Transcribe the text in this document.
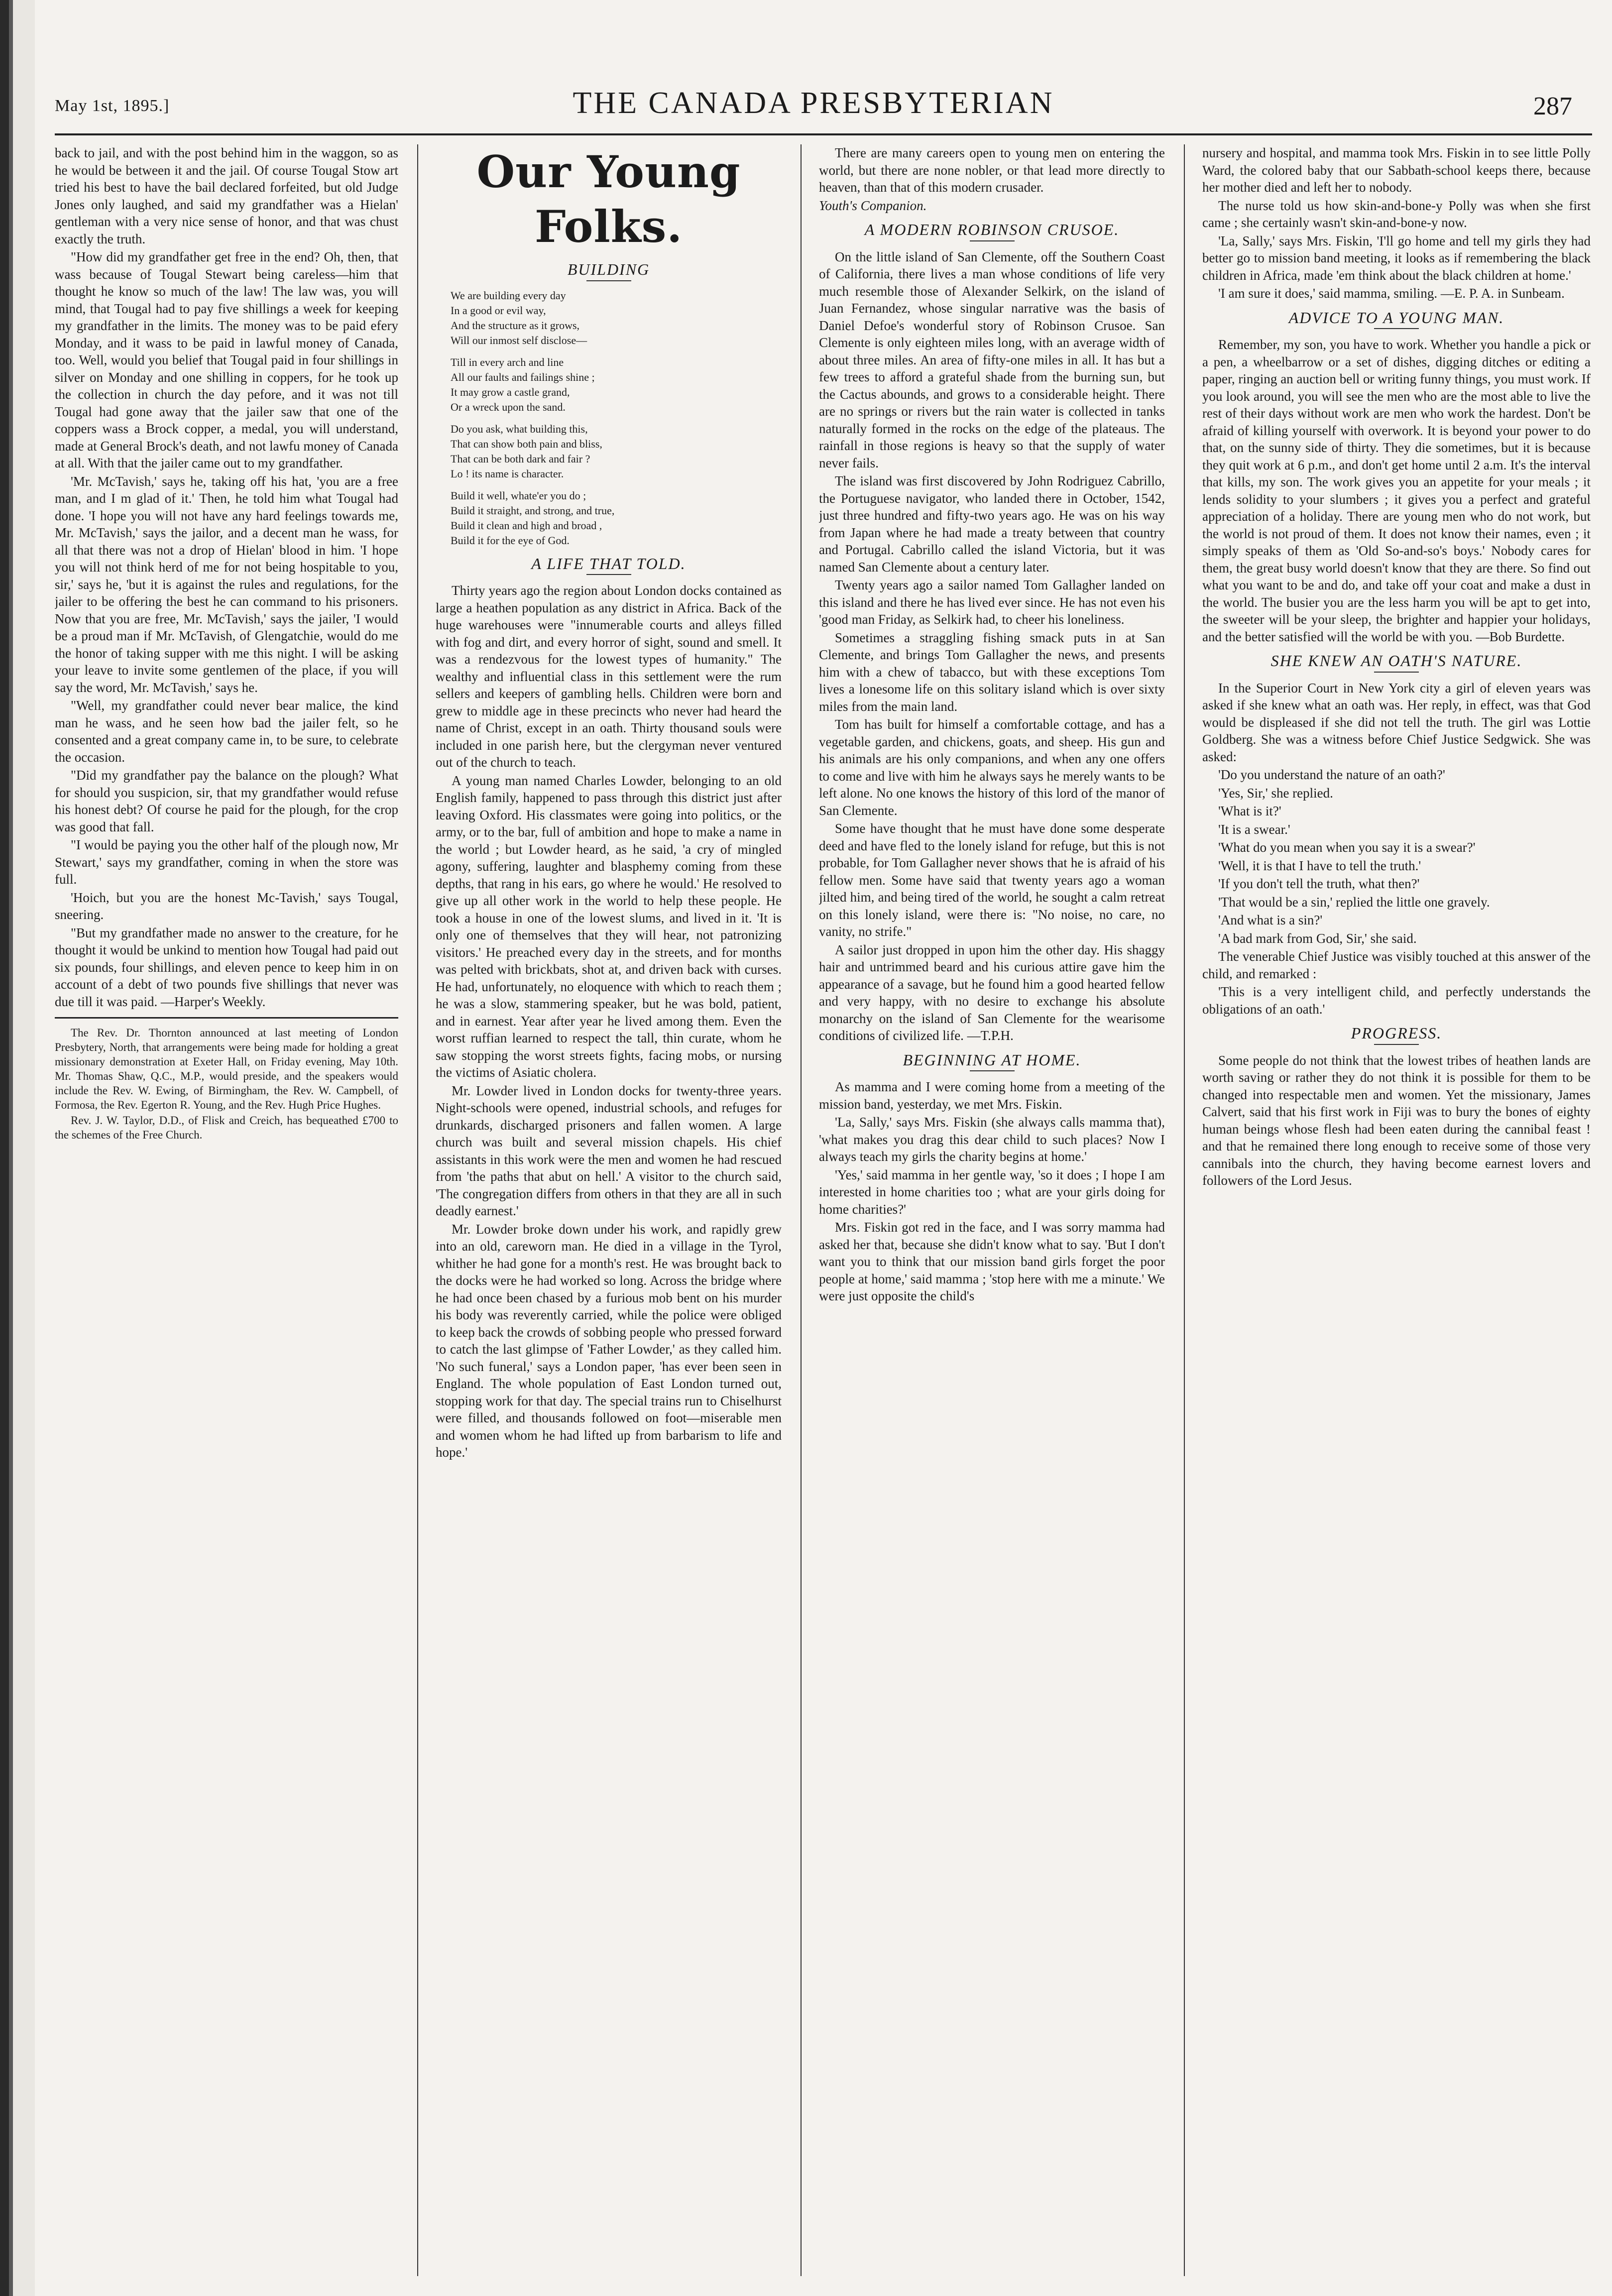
May 1st, 1895.]	THE CANADA PRESBYTERIAN	287

back to jail, and with the post behind him in the waggon, so as he would be between it and the jail. Of course Tougal Stow art tried his best to have the bail declared forfeited, but old Judge Jones only laughed, and said my grandfather was a Hielan' gentleman with a very nice sense of honor, and that was chust exactly the truth.

"How did my grandfather get free in the end? Oh, then, that wass because of Tougal Stewart being careless—him that thought he know so much of the law! The law was, you will mind, that Tougal had to pay five shillings a week for keeping my grandfather in the limits. The money was to be paid efery Monday, and it wass to be paid in lawful money of Canada, too. Well, would you belief that Tougal paid in four shillings in silver on Monday and one shilling in coppers, for he took up the collection in church the day pefore, and it was not till Tougal had gone away that the jailer saw that one of the coppers wass a Brock copper, a medal, you will understand, made at General Brock's death, and not lawfu money of Canada at all. With that the jailer came out to my grandfather.

'Mr. McTavish,' says he, taking off his hat, 'you are a free man, and I m glad of it.' Then, he told him what Tougal had done. 'I hope you will not have any hard feelings towards me, Mr. McTavish,' says the jailor, and a decent man he wass, for all that there was not a drop of Hielan' blood in him. 'I hope you will not think herd of me for not being hospitable to you, sir,' says he, 'but it is against the rules and regulations, for the jailer to be offering the best he can command to his prisoners. Now that you are free, Mr. McTavish,' says the jailer, 'I would be a proud man if Mr. McTavish, of Glengatchie, would do me the honor of taking supper with me this night. I will be asking your leave to invite some gentlemen of the place, if you will say the word, Mr. McTavish,' says he.

"Well, my grandfather could never bear malice, the kind man he wass, and he seen how bad the jailer felt, so he consented and a great company came in, to be sure, to celebrate the occasion.

"Did my grandfather pay the balance on the plough? What for should you suspicion, sir, that my grandfather would refuse his honest debt? Of course he paid for the plough, for the crop was good that fall.

"I would be paying you the other half of the plough now, Mr Stewart,' says my grandfather, coming in when the store was full.

'Hoich, but you are the honest Mc-Tavish,' says Tougal, sneering.

"But my grandfather made no answer to the creature, for he thought it would be unkind to mention how Tougal had paid out six pounds, four shillings, and eleven pence to keep him in on account of a debt of two pounds five shillings that never was due till it was paid. —Harper's Weekly.

The Rev. Dr. Thornton announced at last meeting of London Presbytery, North, that arrangements were being made for holding a great missionary demonstration at Exeter Hall, on Friday evening, May 10th. Mr. Thomas Shaw, Q.C., M.P., would preside, and the speakers would include the Rev. W. Ewing, of Birmingham, the Rev. W. Campbell, of Formosa, the Rev. Egerton R. Young, and the Rev. Hugh Price Hughes.

Rev. J. W. Taylor, D.D., of Flisk and Creich, has bequeathed £700 to the schemes of the Free Church.

Our Young Folks.
BUILDING
We are building every day
In a good or evil way,
And the structure as it grows,
Will our inmost self disclose—
Till in every arch and line
All our faults and failings shine ;
It may grow a castle grand,
Or a wreck upon the sand.
Do you ask, what building this,
That can show both pain and bliss,
That can be both dark and fair ?
Lo ! its name is character.
Build it well, whate'er you do ;
Build it straight, and strong, and true,
Build it clean and high and broad ,
Build it for the eye of God.
A LIFE THAT TOLD.

Thirty years ago the region about London docks contained as large a heathen population as any district in Africa. Back of the huge warehouses were "innumerable courts and alleys filled with fog and dirt, and every horror of sight, sound and smell. It was a rendezvous for the lowest types of humanity." The wealthy and influential class in this settlement were the rum sellers and keepers of gambling hells. Children were born and grew to middle age in these precincts who never had heard the name of Christ, except in an oath. Thirty thousand souls were included in one parish here, but the clergyman never ventured out of the church to teach.

A young man named Charles Lowder, belonging to an old English family, happened to pass through this district just after leaving Oxford. His classmates were going into politics, or the army, or to the bar, full of ambition and hope to make a name in the world ; but Lowder heard, as he said, 'a cry of mingled agony, suffering, laughter and blasphemy coming from these depths, that rang in his ears, go where he would.' He resolved to give up all other work in the world to help these people. He took a house in one of the lowest slums, and lived in it. 'It is only one of themselves that they will hear, not patronizing visitors.' He preached every day in the streets, and for months was pelted with brickbats, shot at, and driven back with curses. He had, unfortunately, no eloquence with which to reach them ; he was a slow, stammering speaker, but he was bold, patient, and in earnest. Year after year he lived among them. Even the worst ruffian learned to respect the tall, thin curate, whom he saw stopping the worst streets fights, facing mobs, or nursing the victims of Asiatic cholera.

Mr. Lowder lived in London docks for twenty-three years. Night-schools were opened, industrial schools, and refuges for drunkards, discharged prisoners and fallen women. A large church was built and several mission chapels. His chief assistants in this work were the men and women he had rescued from 'the paths that abut on hell.' A visitor to the church said, 'The congregation differs from others in that they are all in such deadly earnest.'

Mr. Lowder broke down under his work, and rapidly grew into an old, careworn man. He died in a village in the Tyrol, whither he had gone for a month's rest. He was brought back to the docks were he had worked so long. Across the bridge where he had once been chased by a furious mob bent on his murder his body was reverently carried, while the police were obliged to keep back the crowds of sobbing people who pressed forward to catch the last glimpse of 'Father Lowder,' as they called him. 'No such funeral,' says a London paper, 'has ever been seen in England. The whole population of East London turned out, stopping work for that day. The special trains run to Chiselhurst were filled, and thousands followed on foot—miserable men and women whom he had lifted up from barbarism to life and hope.'

There are many careers open to young men on entering the world, but there are none nobler, or that lead more directly to heaven, than that of this modern crusader.

Youth's Companion.

A MODERN ROBINSON CRUSOE.

On the little island of San Clemente, off the Southern Coast of California, there lives a man whose conditions of life very much resemble those of Alexander Selkirk, on the island of Juan Fernandez, whose singular narrative was the basis of Daniel Defoe's wonderful story of Robinson Crusoe. San Clemente is only eighteen miles long, with an average width of about three miles. An area of fifty-one miles in all. It has but a few trees to afford a grateful shade from the burning sun, but the Cactus abounds, and grows to a considerable height. There are no springs or rivers but the rain water is collected in tanks naturally formed in the rocks on the edge of the plateaus. The rainfall in those regions is heavy so that the supply of water never fails.

The island was first discovered by John Rodriguez Cabrillo, the Portuguese navigator, who landed there in October, 1542, just three hundred and fifty-two years ago. He was on his way from Japan where he had made a treaty between that country and Portugal. Cabrillo called the island Victoria, but it was named San Clemente about a century later.

Twenty years ago a sailor named Tom Gallagher landed on this island and there he has lived ever since. He has not even his 'good man Friday, as Selkirk had, to cheer his loneliness.

Sometimes a straggling fishing smack puts in at San Clemente, and brings Tom Gallagher the news, and presents him with a chew of tabacco, but with these exceptions Tom lives a lonesome life on this solitary island which is over sixty miles from the main land.

Tom has built for himself a comfortable cottage, and has a vegetable garden, and chickens, goats, and sheep. His gun and his animals are his only companions, and when any one offers to come and live with him he always says he merely wants to be left alone. No one knows the history of this lord of the manor of San Clemente.

Some have thought that he must have done some desperate deed and have fled to the lonely island for refuge, but this is not probable, for Tom Gallagher never shows that he is afraid of his fellow men. Some have said that twenty years ago a woman jilted him, and being tired of the world, he sought a calm retreat on this lonely island, were there is: "No noise, no care, no vanity, no strife."

A sailor just dropped in upon him the other day. His shaggy hair and untrimmed beard and his curious attire gave him the appearance of a savage, but he found him a good hearted fellow and very happy, with no desire to exchange his absolute monarchy on the island of San Clemente for the wearisome conditions of civilized life. —T.P.H.

BEGINNING AT HOME.

As mamma and I were coming home from a meeting of the mission band, yesterday, we met Mrs. Fiskin.

'La, Sally,' says Mrs. Fiskin (she always calls mamma that), 'what makes you drag this dear child to such places? Now I always teach my girls the charity begins at home.'

'Yes,' said mamma in her gentle way, 'so it does ; I hope I am interested in home charities too ; what are your girls doing for home charities?'

Mrs. Fiskin got red in the face, and I was sorry mamma had asked her that, because she didn't know what to say. 'But I don't want you to think that our mission band girls forget the poor people at home,' said mamma ; 'stop here with me a minute.' We were just opposite the child's

nursery and hospital, and mamma took Mrs. Fiskin in to see little Polly Ward, the colored baby that our Sabbath-school keeps there, because her mother died and left her to nobody.

The nurse told us how skin-and-bone-y Polly was when she first came ; she certainly wasn't skin-and-bone-y now.

'La, Sally,' says Mrs. Fiskin, 'I'll go home and tell my girls they had better go to mission band meeting, it looks as if remembering the black children in Africa, made 'em think about the black children at home.'

'I am sure it does,' said mamma, smiling. —E. P. A. in Sunbeam.

ADVICE TO A YOUNG MAN.

Remember, my son, you have to work. Whether you handle a pick or a pen, a wheelbarrow or a set of dishes, digging ditches or editing a paper, ringing an auction bell or writing funny things, you must work. If you look around, you will see the men who are the most able to live the rest of their days without work are men who work the hardest. Don't be afraid of killing yourself with overwork. It is beyond your power to do that, on the sunny side of thirty. They die sometimes, but it is because they quit work at 6 p.m., and don't get home until 2 a.m. It's the interval that kills, my son. The work gives you an appetite for your meals ; it lends solidity to your slumbers ; it gives you a perfect and grateful appreciation of a holiday. There are young men who do not work, but the world is not proud of them. It does not know their names, even ; it simply speaks of them as 'Old So-and-so's boys.' Nobody cares for them, the great busy world doesn't know that they are there. So find out what you want to be and do, and take off your coat and make a dust in the world. The busier you are the less harm you will be apt to get into, the sweeter will be your sleep, the brighter and happier your holidays, and the better satisfied will the world be with you. —Bob Burdette.

SHE KNEW AN OATH'S NATURE.

In the Superior Court in New York city a girl of eleven years was asked if she knew what an oath was. Her reply, in effect, was that God would be displeased if she did not tell the truth. The girl was Lottie Goldberg. She was a witness before Chief Justice Sedgwick. She was asked:

'Do you understand the nature of an oath?'

'Yes, Sir,' she replied.

'What is it?'

'It is a swear.'

'What do you mean when you say it is a swear?'

'Well, it is that I have to tell the truth.'

'If you don't tell the truth, what then?'

'That would be a sin,' replied the little one gravely.

'And what is a sin?'

'A bad mark from God, Sir,' she said.

The venerable Chief Justice was visibly touched at this answer of the child, and remarked :

'This is a very intelligent child, and perfectly understands the obligations of an oath.'

PROGRESS.

Some people do not think that the lowest tribes of heathen lands are worth saving or rather they do not think it is possible for them to be changed into respectable men and women. Yet the missionary, James Calvert, said that his first work in Fiji was to bury the bones of eighty human beings whose flesh had been eaten during the cannibal feast ! and that he remained there long enough to receive some of those very cannibals into the church, they having become earnest lovers and followers of the Lord Jesus.
